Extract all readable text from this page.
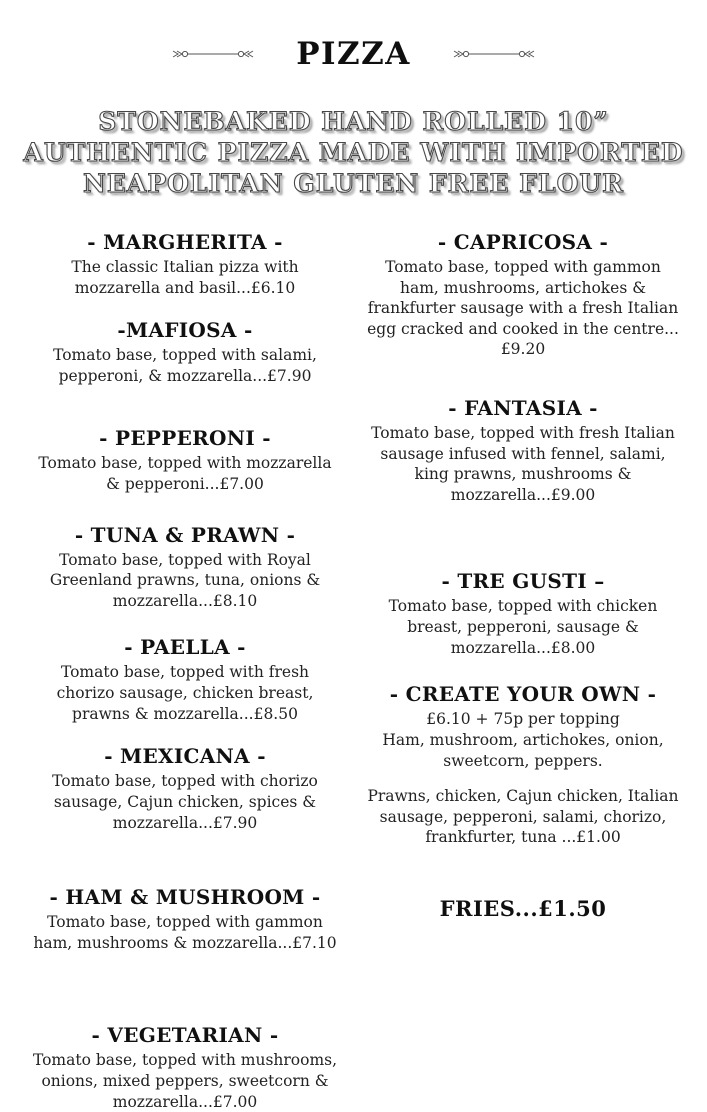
PIZZA
STONEBAKED HAND ROLLED 10”
AUTHENTIC PIZZA MADE WITH IMPORTED
NEAPOLITAN GLUTEN FREE FLOUR
- MARGHERITA -

The classic Italian pizza with mozzarella and basil...£6.10

-MAFIOSA -

Tomato base, topped with salami, pepperoni, & mozzarella...£7.90

- PEPPERONI -

Tomato base, topped with mozzarella & pepperoni...£7.00

- TUNA & PRAWN -

Tomato base, topped with Royal Greenland prawns, tuna, onions & mozzarella...£8.10

- PAELLA -

Tomato base, topped with fresh chorizo sausage, chicken breast, prawns & mozzarella...£8.50

- MEXICANA -

Tomato base, topped with chorizo sausage, Cajun chicken, spices & mozzarella...£7.90

- HAM & MUSHROOM -

Tomato base, topped with gammon ham, mushrooms & mozzarella...£7.10

- VEGETARIAN -

Tomato base, topped with mushrooms, onions, mixed peppers, sweetcorn & mozzarella...£7.00

- CAPRICOSA -

Tomato base, topped with gammon ham, mushrooms, artichokes & frankfurter sausage with a fresh Italian egg cracked and cooked in the centre...£9.20

- FANTASIA -

Tomato base, topped with fresh Italian sausage infused with fennel, salami, king prawns, mushrooms & mozzarella...£9.00

- TRE GUSTI –

Tomato base, topped with chicken breast, pepperoni, sausage & mozzarella...£8.00

- CREATE YOUR OWN -

£6.10 + 75p per topping

Ham, mushroom, artichokes, onion, sweetcorn, peppers.

Prawns, chicken, Cajun chicken, Italian sausage, pepperoni, salami, chorizo, frankfurter, tuna ...£1.00

FRIES...£1.50
